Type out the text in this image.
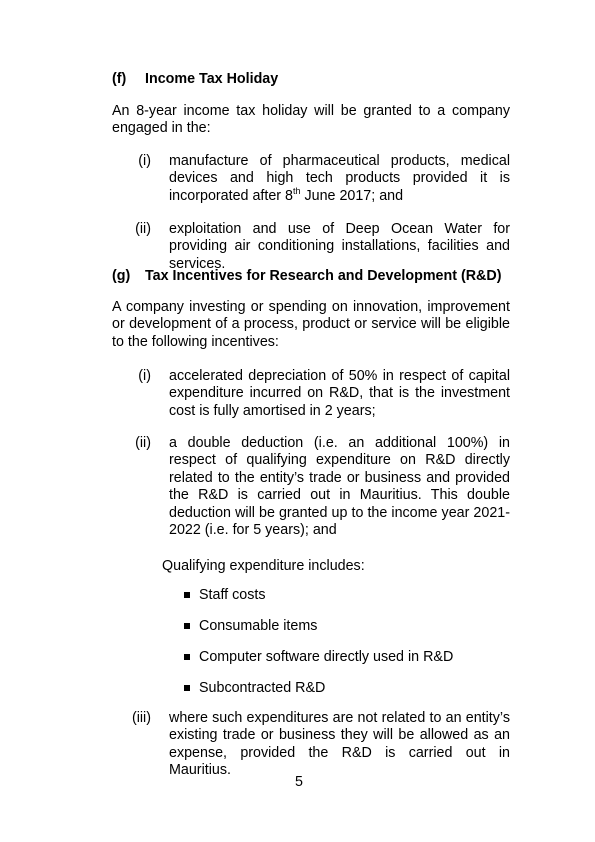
(f) Income Tax Holiday
An 8-year income tax holiday will be granted to a company engaged in the:
(i) manufacture of pharmaceutical products, medical devices and high tech products provided it is incorporated after 8th June 2017; and
(ii) exploitation and use of Deep Ocean Water for providing air conditioning installations, facilities and services.
(g) Tax Incentives for Research and Development (R&D)
A company investing or spending on innovation, improvement or development of a process, product or service will be eligible to the following incentives:
(i) accelerated depreciation of 50% in respect of capital expenditure incurred on R&D, that is the investment cost is fully amortised in 2 years;
(ii) a double deduction (i.e. an additional 100%) in respect of qualifying expenditure on R&D directly related to the entity’s trade or business and provided the R&D is carried out in Mauritius. This double deduction will be granted up to the income year 2021-2022 (i.e. for 5 years); and
Qualifying expenditure includes:
Staff costs
Consumable items
Computer software directly used in R&D
Subcontracted R&D
(iii) where such expenditures are not related to an entity’s existing trade or business they will be allowed as an expense, provided the R&D is carried out in Mauritius.
5
